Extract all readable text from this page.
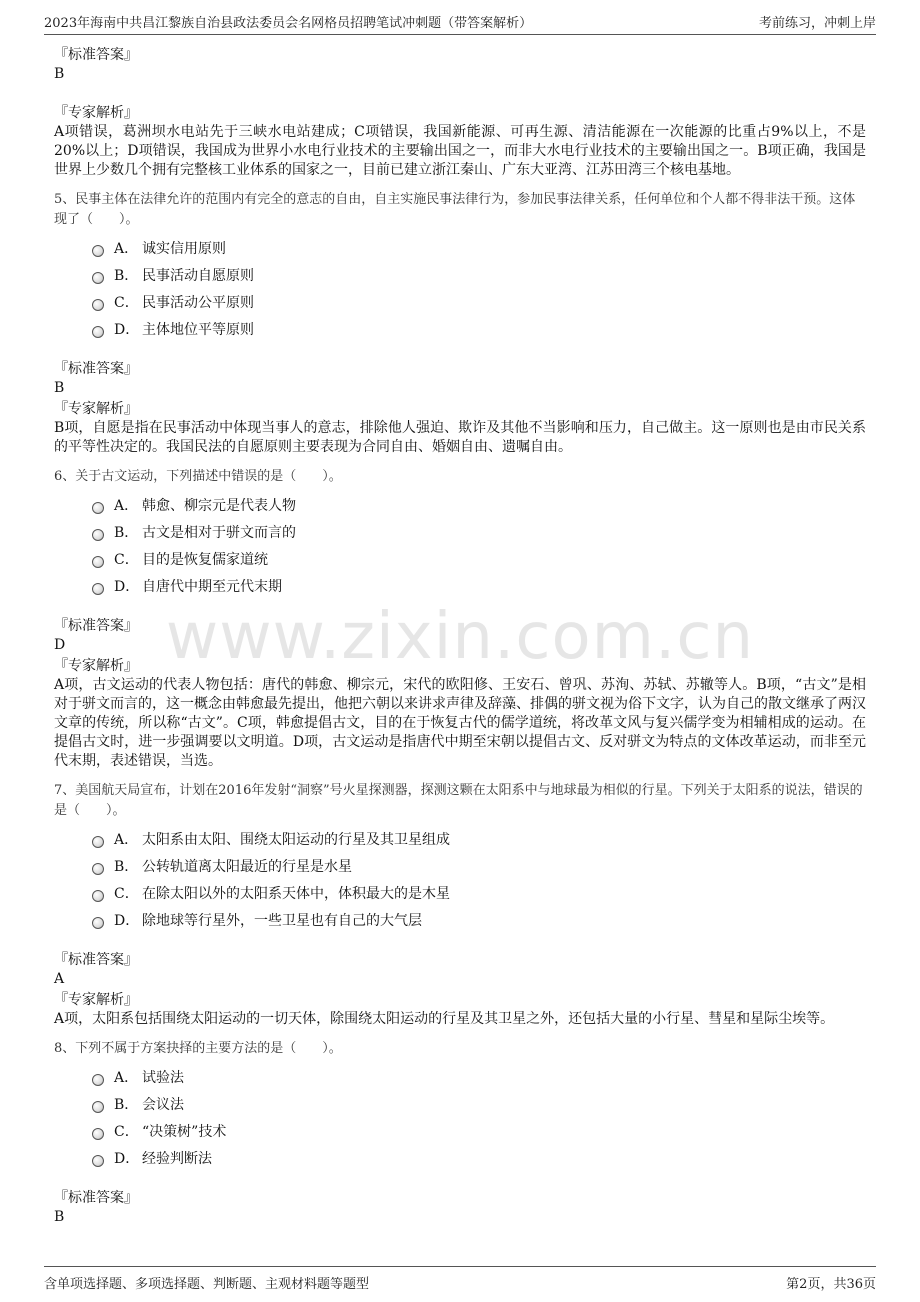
2023年海南中共昌江黎族自治县政法委员会名网格员招聘笔试冲刺题（带答案解析）	考前练习，冲刺上岸
www.zixin.com.cn
『标准答案』
B
『专家解析』
A项错误，葛洲坝水电站先于三峡水电站建成；C项错误，我国新能源、可再生源、清洁能源在一次能源的比重占9%以上，不是20%以上；D项错误，我国成为世界小水电行业技术的主要输出国之一，而非大水电行业技术的主要输出国之一。B项正确，我国是世界上少数几个拥有完整核工业体系的国家之一，目前已建立浙江秦山、广东大亚湾、江苏田湾三个核电基地。
5、民事主体在法律允许的范围内有完全的意志的自由，自主实施民事法律行为，参加民事法律关系，任何单位和个人都不得非法干预。这体现了（　　）。
A． 诚实信用原则
B． 民事活动自愿原则
C． 民事活动公平原则
D． 主体地位平等原则
『标准答案』
B
『专家解析』
B项，自愿是指在民事活动中体现当事人的意志，排除他人强迫、欺诈及其他不当影响和压力，自己做主。这一原则也是由市民关系的平等性决定的。我国民法的自愿原则主要表现为合同自由、婚姻自由、遗嘱自由。
6、关于古文运动，下列描述中错误的是（　　）。
A． 韩愈、柳宗元是代表人物
B． 古文是相对于骈文而言的
C． 目的是恢复儒家道统
D． 自唐代中期至元代末期
『标准答案』
D
『专家解析』
A项，古文运动的代表人物包括：唐代的韩愈、柳宗元，宋代的欧阳修、王安石、曾巩、苏洵、苏轼、苏辙等人。B项，“古文”是相对于骈文而言的，这一概念由韩愈最先提出，他把六朝以来讲求声律及辞藻、排偶的骈文视为俗下文字，认为自己的散文继承了两汉文章的传统，所以称“古文”。C项，韩愈提倡古文，目的在于恢复古代的儒学道统，将改革文风与复兴儒学变为相辅相成的运动。在提倡古文时，进一步强调要以文明道。D项，古文运动是指唐代中期至宋朝以提倡古文、反对骈文为特点的文体改革运动，而非至元代末期，表述错误，当选。
7、美国航天局宣布，计划在2016年发射“洞察”号火星探测器，探测这颗在太阳系中与地球最为相似的行星。下列关于太阳系的说法，错误的是（　　）。
A． 太阳系由太阳、围绕太阳运动的行星及其卫星组成
B． 公转轨道离太阳最近的行星是水星
C． 在除太阳以外的太阳系天体中，体积最大的是木星
D． 除地球等行星外，一些卫星也有自己的大气层
『标准答案』
A
『专家解析』
A项，太阳系包括围绕太阳运动的一切天体，除围绕太阳运动的行星及其卫星之外，还包括大量的小行星、彗星和星际尘埃等。
8、下列不属于方案抉择的主要方法的是（　　）。
A． 试验法
B． 会议法
C． “决策树”技术
D． 经验判断法
『标准答案』
B
含单项选择题、多项选择题、判断题、主观材料题等题型	第2页，共36页
